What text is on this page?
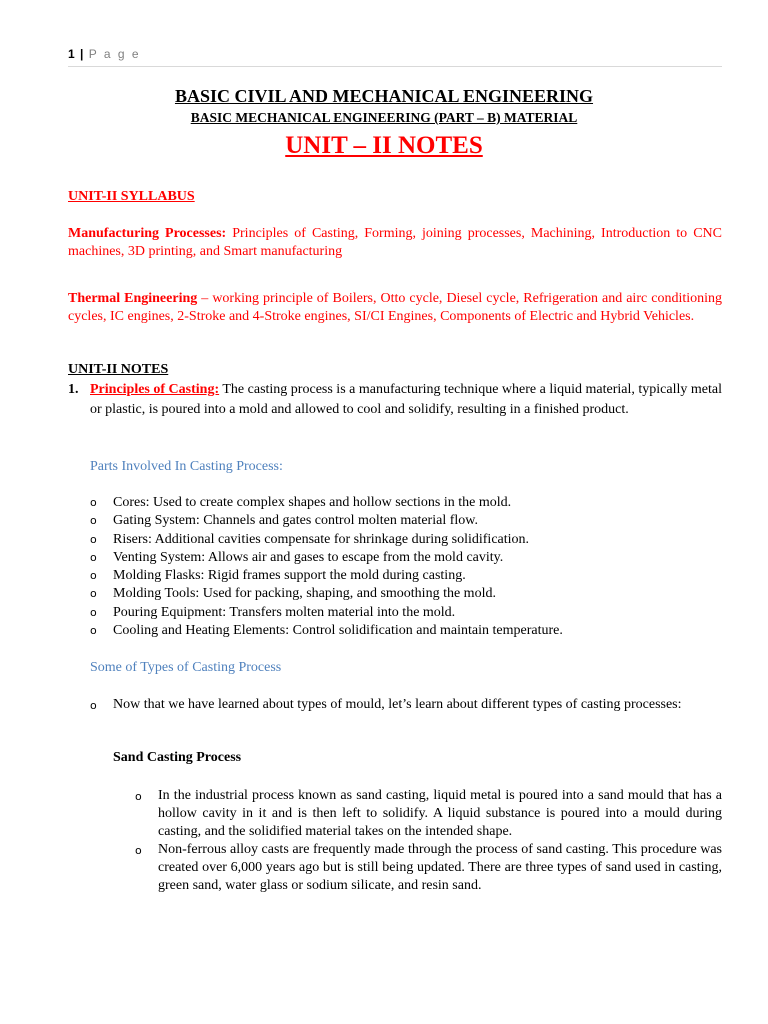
1 | P a g e
BASIC CIVIL AND MECHANICAL ENGINEERING
BASIC MECHANICAL ENGINEERING (PART – B) MATERIAL
UNIT – II NOTES
UNIT-II SYLLABUS
Manufacturing Processes: Principles of Casting, Forming, joining processes, Machining, Introduction to CNC machines, 3D printing, and Smart manufacturing
Thermal Engineering – working principle of Boilers, Otto cycle, Diesel cycle, Refrigeration and airc conditioning cycles, IC engines, 2-Stroke and 4-Stroke engines, SI/CI Engines, Components of Electric and Hybrid Vehicles.
UNIT-II NOTES
1. Principles of Casting: The casting process is a manufacturing technique where a liquid material, typically metal or plastic, is poured into a mold and allowed to cool and solidify, resulting in a finished product.
Parts Involved In Casting Process:
o Cores: Used to create complex shapes and hollow sections in the mold.
o Gating System: Channels and gates control molten material flow.
o Risers: Additional cavities compensate for shrinkage during solidification.
o Venting System: Allows air and gases to escape from the mold cavity.
o Molding Flasks: Rigid frames support the mold during casting.
o Molding Tools: Used for packing, shaping, and smoothing the mold.
o Pouring Equipment: Transfers molten material into the mold.
o Cooling and Heating Elements: Control solidification and maintain temperature.
Some of Types of Casting Process
o Now that we have learned about types of mould, let’s learn about different types of casting processes:
Sand Casting Process
o In the industrial process known as sand casting, liquid metal is poured into a sand mould that has a hollow cavity in it and is then left to solidify. A liquid substance is poured into a mould during casting, and the solidified material takes on the intended shape.
o Non-ferrous alloy casts are frequently made through the process of sand casting. This procedure was created over 6,000 years ago but is still being updated. There are three types of sand used in casting, green sand, water glass or sodium silicate, and resin sand.
